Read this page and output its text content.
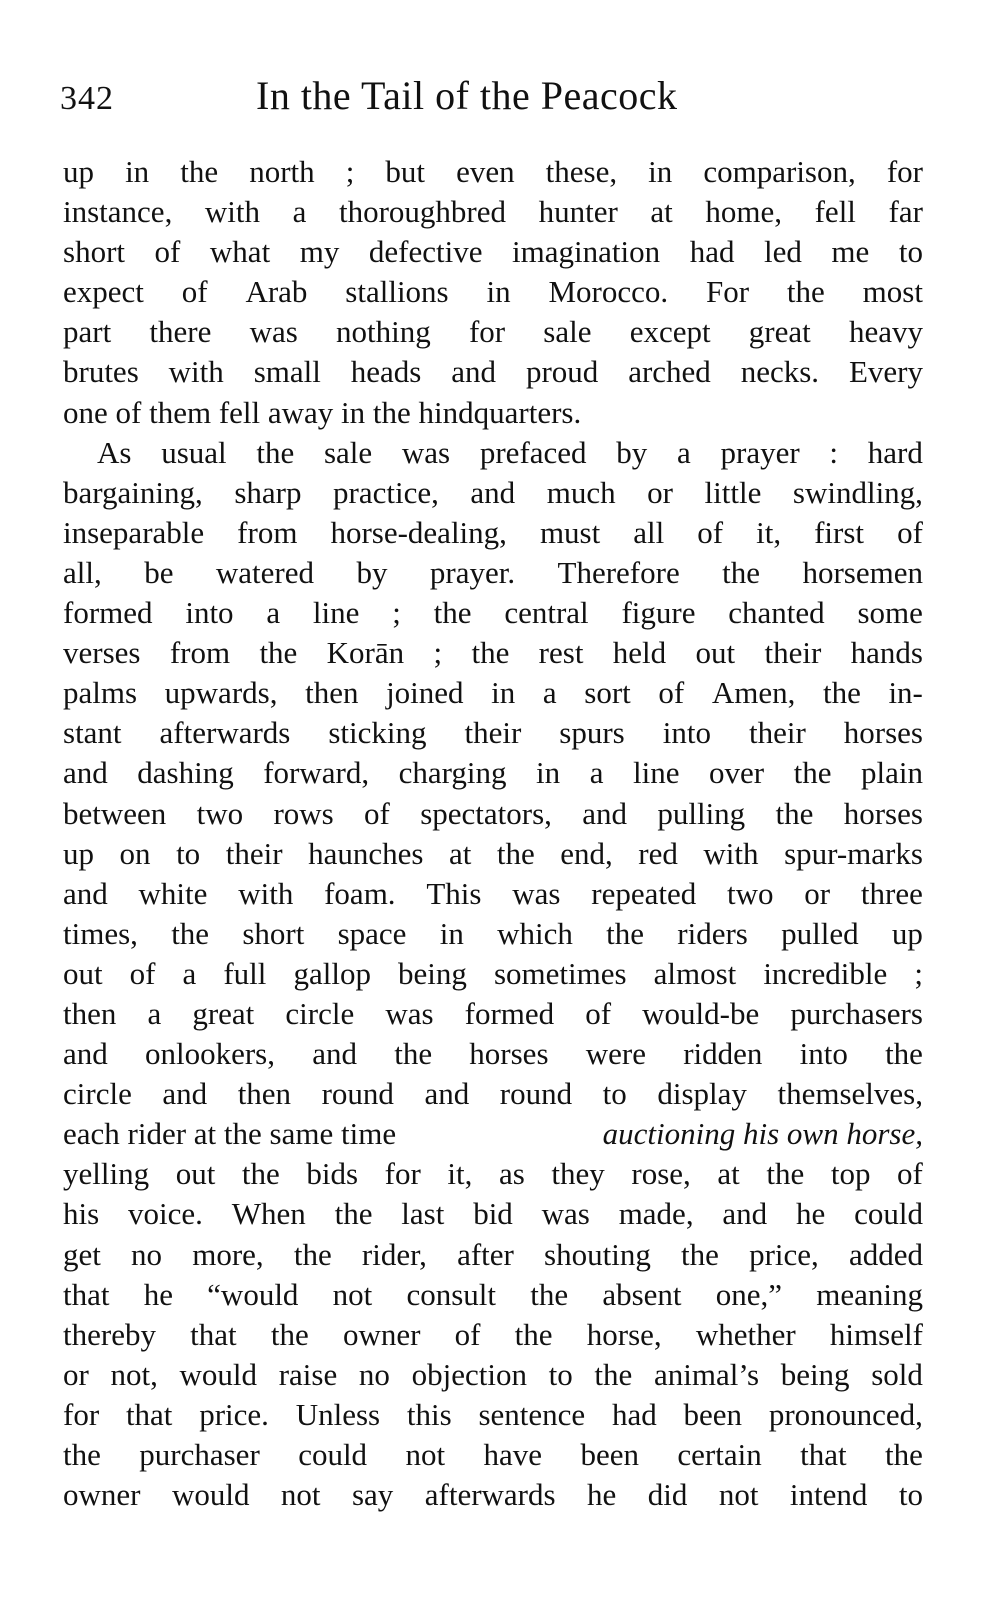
342	In the Tail of the Peacock
up in the north ; but even these, in comparison, for
instance, with a thoroughbred hunter at home, fell far
short of what my defective imagination had led me to
expect of Arab stallions in Morocco. For the most
part there was nothing for sale except great heavy
brutes with small heads and proud arched necks. Every
one of them fell away in the hindquarters.
As usual the sale was prefaced by a prayer : hard
bargaining, sharp practice, and much or little swindling,
inseparable from horse-dealing, must all of it, first of
all, be watered by prayer. Therefore the horsemen
formed into a line ; the central figure chanted some
verses from the Korān ; the rest held out their hands
palms upwards, then joined in a sort of Amen, the in-
stant afterwards sticking their spurs into their horses
and dashing forward, charging in a line over the plain
between two rows of spectators, and pulling the horses
up on to their haunches at the end, red with spur-marks
and white with foam. This was repeated two or three
times, the short space in which the riders pulled up
out of a full gallop being sometimes almost incredible ;
then a great circle was formed of would-be purchasers
and onlookers, and the horses were ridden into the
circle and then round and round to display themselves,
each rider at the same time	auctioning his own horse,
yelling out the bids for it, as they rose, at the top of
his voice. When the last bid was made, and he could
get no more, the rider, after shouting the price, added
that he “would not consult the absent one,” meaning
thereby that the owner of the horse, whether himself
or not, would raise no objection to the animal’s being sold
for that price. Unless this sentence had been pronounced,
the purchaser could not have been certain that the
owner would not say afterwards he did not intend to
